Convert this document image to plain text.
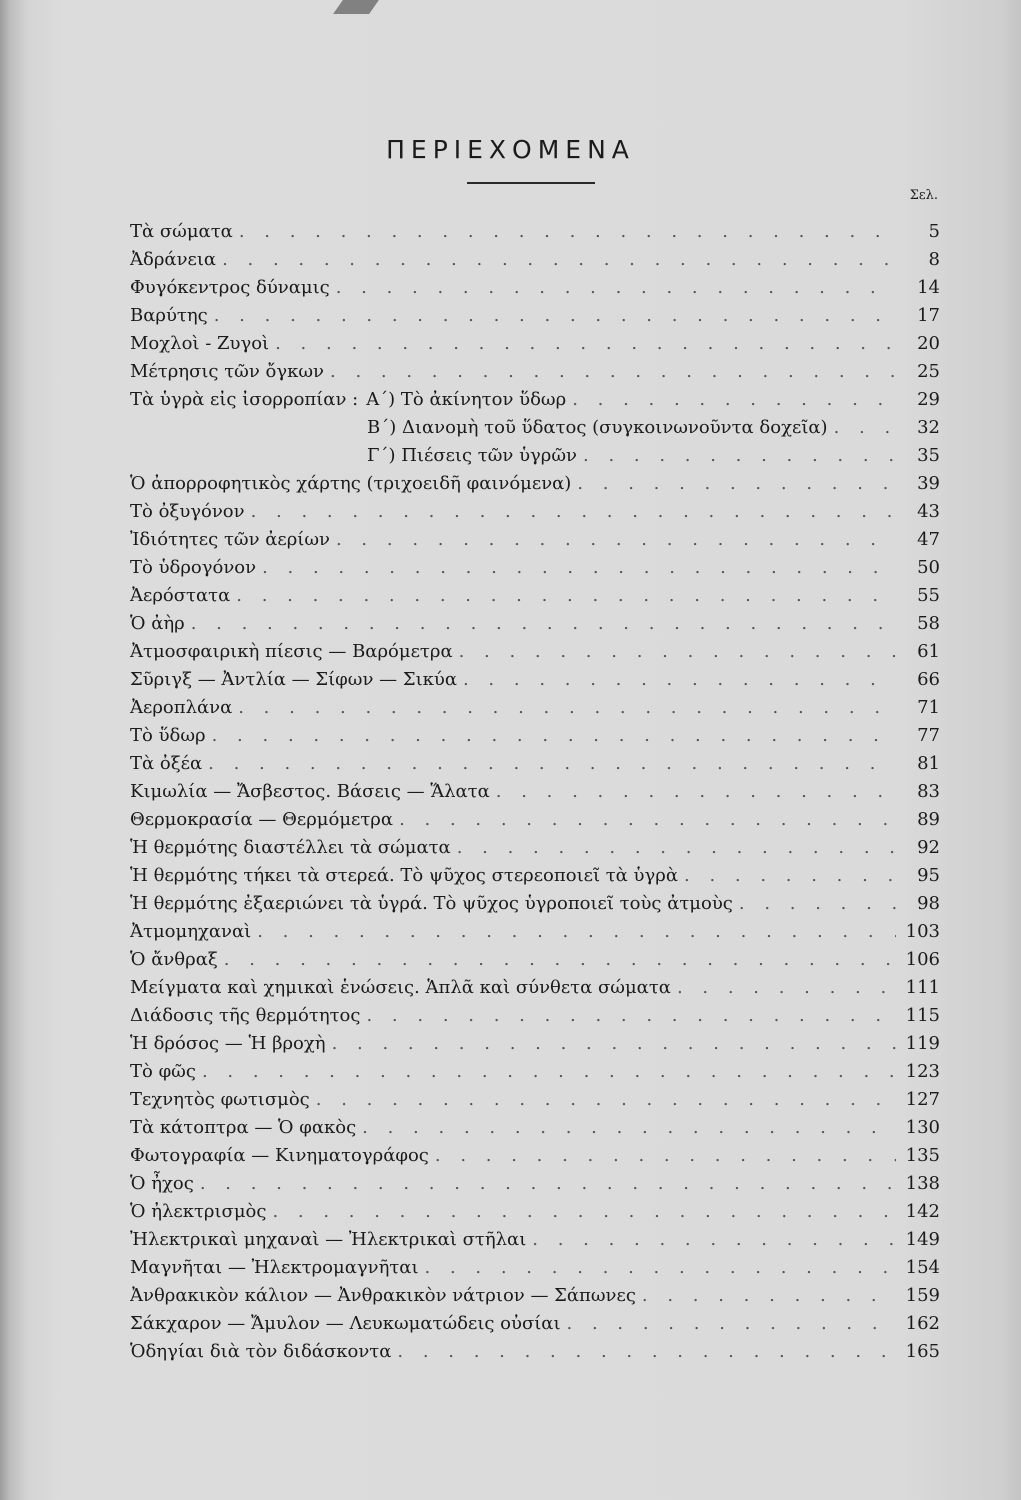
ΠΕΡΙΕΧΟΜΕΝΑ
Σελ.
Τὰ σώματα . . .	5
Ἀδράνεια . . .	8
Φυγόκεντρος δύναμις . . .	14
Βαρύτης . . .	17
Μοχλοὶ - Ζυγοὶ . . .	20
Μέτρησις τῶν ὄγκων . . .	25
Τὰ ὑγρὰ εἰς ἰσορροπίαν : Α΄) Τὸ ἀκίνητον ὕδωρ . . .	29
Β΄) Διανομὴ τοῦ ὕδατος (συγκοινωνοῦντα δοχεῖα) . . .	32
Γ΄) Πιέσεις τῶν ὑγρῶν . . .	35
Ὁ ἀπορροφητικὸς χάρτης (τριχοειδῆ φαινόμενα) . . .	39
Τὸ ὀξυγόνον . . .	43
Ἰδιότητες τῶν ἀερίων . . .	47
Τὸ ὑδρογόνον . . .	50
Ἀερόστατα . . .	55
Ὁ ἀὴρ . . .	58
Ἀτμοσφαιρικὴ πίεσις — Βαρόμετρα . . .	61
Σῦριγξ — Ἀντλία — Σίφων — Σικύα . . .	66
Ἀεροπλάνα . . .	71
Τὸ ὕδωρ . . .	77
Τὰ ὀξέα . . .	81
Κιμωλία — Ἄσβεστος. Βάσεις — Ἅλατα . . .	83
Θερμοκρασία — Θερμόμετρα . . .	89
Ἡ θερμότης διαστέλλει τὰ σώματα . . .	92
Ἡ θερμότης τήκει τὰ στερεά. Τὸ ψῦχος στερεοποιεῖ τὰ ὑγρὰ . . .	95
Ἡ θερμότης ἐξαεριώνει τὰ ὑγρά. Τὸ ψῦχος ὑγροποιεῖ τοὺς ἀτμοὺς . . .	98
Ἀτμομηχαναὶ . . .	103
Ὁ ἄνθραξ . . .	106
Μείγματα καὶ χημικαὶ ἑνώσεις. Ἁπλᾶ καὶ σύνθετα σώματα . . .	111
Διάδοσις τῆς θερμότητος . . .	115
Ἡ δρόσος — Ἡ βροχὴ . . .	119
Τὸ φῶς . . .	123
Τεχνητὸς φωτισμὸς . . .	127
Τὰ κάτοπτρα — Ὁ φακὸς . . .	130
Φωτογραφία — Κινηματογράφος . . .	135
Ὁ ἦχος . . .	138
Ὁ ἠλεκτρισμὸς . . .	142
Ἠλεκτρικαὶ μηχαναὶ — Ἠλεκτρικαὶ στῆλαι . . .	149
Μαγνῆται — Ἠλεκτρομαγνῆται . . .	154
Ἀνθρακικὸν κάλιον — Ἀνθρακικὸν νάτριον — Σάπωνες . . .	159
Σάκχαρον — Ἄμυλον — Λευκωματώδεις οὐσίαι . . .	162
Ὁδηγίαι διὰ τὸν διδάσκοντα . . .	165
